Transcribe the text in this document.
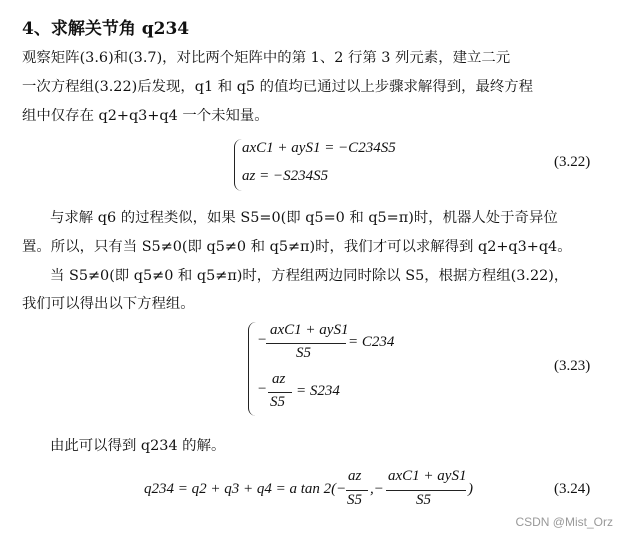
4、求解关节角 q234
观察矩阵(3.6)和(3.7)，对比两个矩阵中的第 1、2 行第 3 列元素，建立二元
一次方程组(3.22)后发现，q1 和 q5 的值均已通过以上步骤求解得到，最终方程
组中仅存在 q2+q3+q4 一个未知量。
axC1 + ayS1 = −C234S5
az = −S234S5
(3.22)
与求解 q6 的过程类似，如果 S5=0(即 q5=0 和 q5=π)时，机器人处于奇异位
置。所以，只有当 S5≠0(即 q5≠0 和 q5≠π)时，我们才可以求解得到 q2+q3+q4。
当 S5≠0(即 q5≠0 和 q5≠π)时，方程组两边同时除以 S5，根据方程组(3.22)，
我们可以得出以下方程组。
−
axC1 + ayS1
S5
= C234
−
az
S5
= S234
(3.23)
由此可以得到 q234 的解。
q234 = q2 + q3 + q4 = a tan 2(−
az
S5
,−
axC1 + ayS1
S5
)	(3.24)
CSDN @Mist_Orz
